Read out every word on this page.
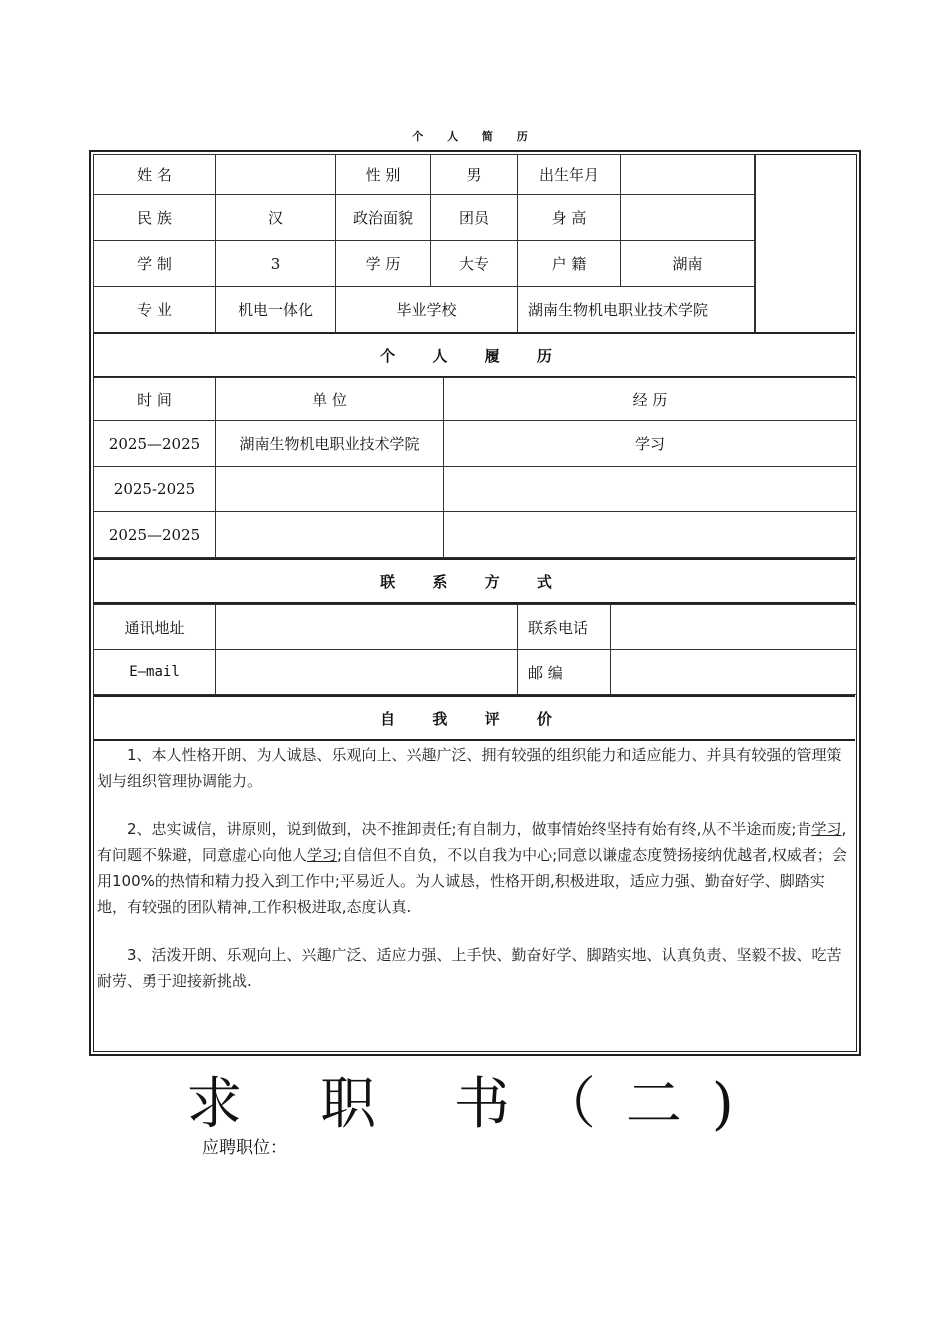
个 人 简 历
姓 名	性 别	男	出生年月
民 族	汉	政治面貌	团员	身 高
学 制	3	学 历	大专	户 籍	湖南
专 业	机电一体化	毕业学校	湖南生物机电职业技术学院
个 人 履 历
时 间	单 位	经 历
2025—2025	湖南生物机电职业技术学院	学习
2025-2025
2025—2025
联 系 方 式
通讯地址	联系电话
E—mail	邮 编
自 我 评 价

1、本人性格开朗、为人诚恳、乐观向上、兴趣广泛、拥有较强的组织能力和适应能力、并具有较强的管理策划与组织管理协调能力。

2、忠实诚信，讲原则，说到做到，决不推卸责任;有自制力，做事情始终坚持有始有终,从不半途而废;肯学习,有问题不躲避，同意虚心向他人学习;自信但不自负，不以自我为中心;同意以谦虚态度赞扬接纳优越者,权威者；会用100%的热情和精力投入到工作中;平易近人。为人诚恳，性格开朗,积极进取，适应力强、勤奋好学、脚踏实地，有较强的团队精神,工作积极进取,态度认真.

3、活泼开朗、乐观向上、兴趣广泛、适应力强、上手快、勤奋好学、脚踏实地、认真负责、坚毅不拔、吃苦耐劳、勇于迎接新挑战.

求 职 书（二)
应聘职位：
